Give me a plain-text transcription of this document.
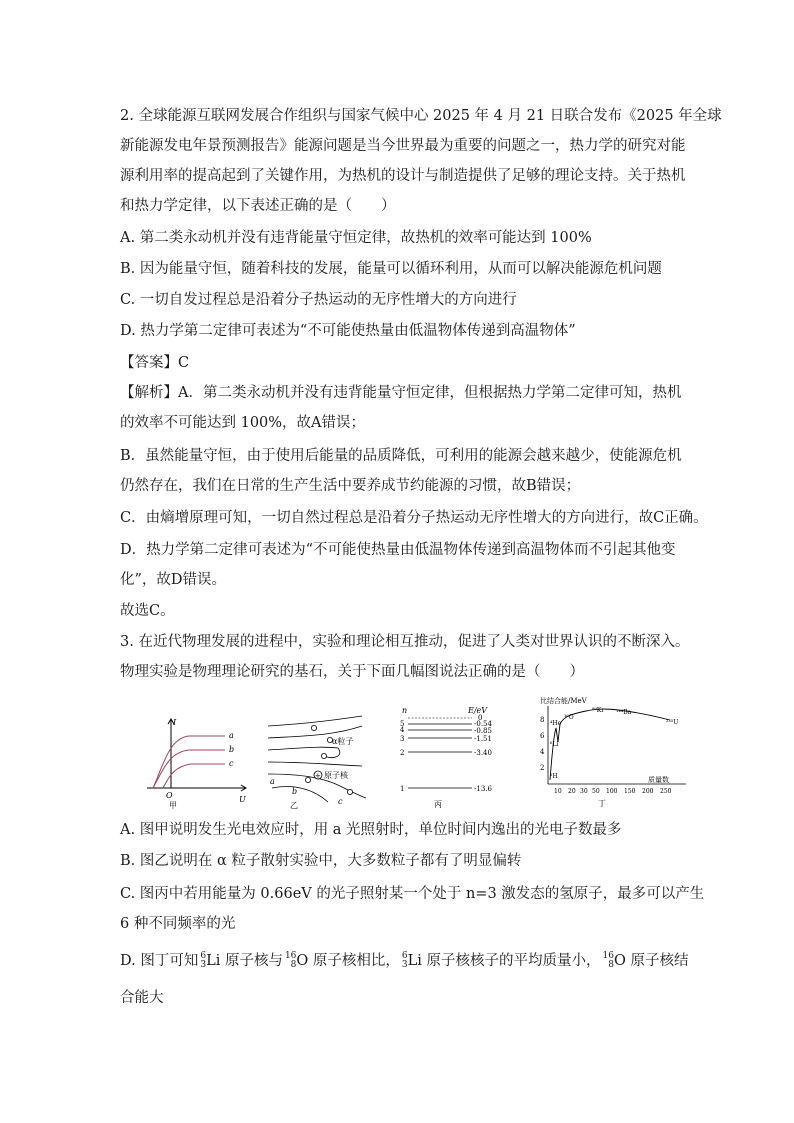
2. 全球能源互联网发展合作组织与国家气候中心 2025 年 4 月 21 日联合发布《2025 年全球
新能源发电年景预测报告》能源问题是当今世界最为重要的问题之一，热力学的研究对能
源利用率的提高起到了关键作用，为热机的设计与制造提供了足够的理论支持。关于热机
和热力学定律，以下表述正确的是（　　）
A. 第二类永动机并没有违背能量守恒定律，故热机的效率可能达到 100%
B. 因为能量守恒，随着科技的发展，能量可以循环利用，从而可以解决能源危机问题
C. 一切自发过程总是沿着分子热运动的无序性增大的方向进行
D. 热力学第二定律可表述为“不可能使热量由低温物体传递到高温物体”
【答案】C
【解析】A．第二类永动机并没有违背能量守恒定律，但根据热力学第二定律可知，热机
的效率不可能达到 100%，故A错误；
B．虽然能量守恒，由于使用后能量的品质降低，可利用的能源会越来越少，使能源危机
仍然存在，我们在日常的生产生活中要养成节约能源的习惯，故B错误；
C．由熵增原理可知，一切自然过程总是沿着分子热运动无序性增大的方向进行，故C正确。
D．热力学第二定律可表述为“不可能使热量由低温物体传递到高温物体而不引起其他变
化”，故D错误。
故选C。
3. 在近代物理发展的进程中，实验和理论相互推动，促进了人类对世界认识的不断深入。
物理实验是物理理论研究的基石，关于下面几幅图说法正确的是（　　）
I
U
O
a
b
c
甲
+
α粒子
原子核
a
b
c
乙
n	E/eV
0
5	-0.54
4	-0.85
3	-1.51
2	-3.40
1	-13.6
丙
比结合能/MeV
8
6
4
2
⁴He
¹⁶O
⁸⁹Kr ¹⁴⁴Ba
²³⁵U
⁶Li
²H
10 20 30 50 100 150 200 250
质量数
丁
A. 图甲说明发生光电效应时，用 a 光照射时，单位时间内逸出的光电子数最多
B. 图乙说明在 α 粒子散射实验中，大多数粒子都有了明显偏转
C. 图丙中若用能量为 0.66eV 的光子照射某一个处于 n=3 激发态的氢原子，最多可以产生
6 种不同频率的光
D. 图丁可知 6
3 Li 原子核与 16
8 O 原子核相比， 6
3 Li 原子核核子的平均质量小， 16
8 O 原子核结
合能大
